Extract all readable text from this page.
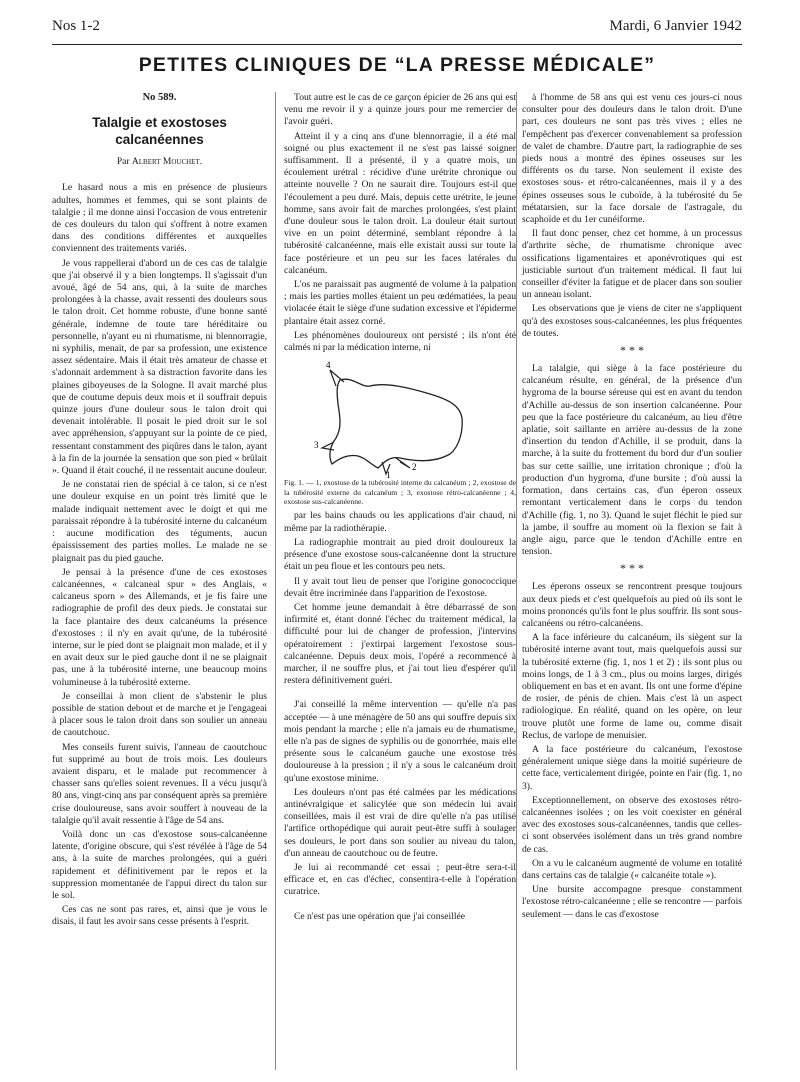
Nos 1-2	Mardi, 6 Janvier 1942
PETITES CLINIQUES DE “LA PRESSE MÉDICALE”
No 589.
Talalgie et exostoses calcanéennes
Par Albert Mouchet.

Le hasard nous a mis en présence de plusieurs adultes, hommes et femmes, qui se sont plaints de talalgie ; il me donne ainsi l'occasion de vous entretenir de ces douleurs du talon qui s'offrent à notre examen dans des conditions différentes et auxquelles conviennent des traitements variés.

Je vous rappellerai d'abord un de ces cas de talalgie que j'ai observé il y a bien longtemps. Il s'agissait d'un avoué, âgé de 54 ans, qui, à la suite de marches prolongées à la chasse, avait ressenti des douleurs sous le talon droit. Cet homme robuste, d'une bonne santé générale, indemne de toute tare héréditaire ou personnelle, n'ayant eu ni rhumatisme, ni blennorragie, ni syphilis, menait, de par sa profession, une existence assez sédentaire. Mais il était très amateur de chasse et s'adonnait ardemment à sa distraction favorite dans les plaines giboyeuses de la Sologne. Il avait marché plus que de coutume depuis deux mois et il souffrait depuis quinze jours d'une douleur sous le talon droit qui devenait intolérable. Il posait le pied droit sur le sol avec appréhension, s'appuyant sur la pointe de ce pied, ressentant constamment des piqûres dans le talon, ayant à la fin de la journée la sensation que son pied « brûlait ». Quand il était couché, il ne ressentait aucune douleur.

Je ne constatai rien de spécial à ce talon, si ce n'est une douleur exquise en un point très limité que le malade indiquait nettement avec le doigt et qui me paraissait répondre à la tubérosité interne du calcanéum : aucune modification des téguments, aucun épaississement des parties molles. Le malade ne se plaignait pas du pied gauche.

Je pensai à la présence d'une de ces exostoses calcanéennes, « calcaneal spur » des Anglais, « calcaneus sporn » des Allemands, et je fis faire une radiographie de profil des deux pieds. Je constatai sur la face plantaire des deux calcanéums la présence d'exostoses : il n'y en avait qu'une, de la tubérosité interne, sur le pied dont se plaignait mon malade, et il y en avait deux sur le pied gauche dont il ne se plaignait pas, une à la tubérosité interne, une beaucoup moins volumineuse à la tubérosité externe.

Je conseillai à mon client de s'abstenir le plus possible de station debout et de marche et je l'engageai à placer sous le talon droit dans son soulier un anneau de caoutchouc.

Mes conseils furent suivis, l'anneau de caoutchouc fut supprimé au bout de trois mois. Les douleurs avaient disparu, et le malade put recommencer à chasser sans qu'elles soient revenues. Il a vécu jusqu'à 80 ans, vingt-cinq ans par conséquent après sa première crise douloureuse, sans avoir souffert à nouveau de la talalgie qu'il avait ressentie à l'âge de 54 ans.

Voilà donc un cas d'exostose sous-calcanéenne latente, d'origine obscure, qui s'est révélée à l'âge de 54 ans, à la suite de marches prolongées, qui a guéri rapidement et définitivement par le repos et la suppression momentanée de l'appui direct du talon sur le sol.

Ces cas ne sont pas rares, et, ainsi que je vous le disais, il faut les avoir sans cesse présents à l'esprit.

Tout autre est le cas de ce garçon épicier de 26 ans qui est venu me revoir il y a quinze jours pour me remercier de l'avoir guéri.

Atteint il y a cinq ans d'une blennorragie, il a été mal soigné ou plus exactement il ne s'est pas laissé soigner suffisamment. Il a présenté, il y a quatre mois, un écoulement urétral : récidive d'une urétrite chronique ou atteinte nouvelle ? On ne saurait dire. Toujours est-il que l'écoulement a peu duré. Mais, depuis cette urétrite, le jeune homme, sans avoir fait de marches prolongées, s'est plaint d'une douleur sous le talon droit. La douleur était surtout vive en un point déterminé, semblant répondre à la tubérosité calcanéenne, mais elle existait aussi sur toute la face postérieure et un peu sur les faces latérales du calcanéum.

L'os ne paraissait pas augmenté de volume à la palpation ; mais les parties molles étaient un peu œdématiées, la peau violacée était le siège d'une sudation excessive et l'épiderme plantaire était assez corné.

Les phénomènes douloureux ont persisté ; ils n'ont été calmés ni par la médication interne, ni

4
3
2
1

Fig. 1. — 1, exostose de la tubérosité interne du calcanéum ; 2, exostose de la tubérosité externe du calcanéum ; 3, exostose rétro-calcanéenne ; 4, exostose sus-calcanéenne.

par les bains chauds ou les applications d'air chaud, ni même par la radiothérapie.

La radiographie montrait au pied droit douloureux la présence d'une exostose sous-calcanéenne dont la structure était un peu floue et les contours peu nets.

Il y avait tout lieu de penser que l'origine gonococcique devait être incriminée dans l'apparition de l'exostose.

Cet homme jeune demandait à être débarrassé de son infirmité et, étant donné l'échec du traitement médical, la difficulté pour lui de changer de profession, j'intervins opératoirement : j'extirpai largement l'exostose sous-calcanéenne. Depuis deux mois, l'opéré a recommencé à marcher, il ne souffre plus, et j'ai tout lieu d'espérer qu'il restera définitivement guéri.

J'ai conseillé la même intervention — qu'elle n'a pas acceptée — à une ménagère de 50 ans qui souffre depuis six mois pendant la marche ; elle n'a jamais eu de rhumatisme, elle n'a pas de signes de syphilis ou de gonorrhée, mais elle présente sous le calcanéum gauche une exostose très douloureuse à la pression ; il n'y a sous le calcanéum droit qu'une exostose minime.

Les douleurs n'ont pas été calmées par les médications antinévralgique et salicylée que son médecin lui avait conseillées, mais il est vrai de dire qu'elle n'a pas utilisé l'artifice orthopédique qui aurait peut-être suffi à soulager ses douleurs, le port dans son soulier au niveau du talon, d'un anneau de caoutchouc ou de feutre.

Je lui ai recommandé cet essai ; peut-être sera-t-il efficace et, en cas d'échec, consentira-t-elle à l'opération curatrice.

Ce n'est pas une opération que j'ai conseillée

à l'homme de 58 ans qui est venu ces jours-ci nous consulter pour des douleurs dans le talon droit. D'une part, ces douleurs ne sont pas très vives ; elles ne l'empêchent pas d'exercer convenablement sa profession de valet de chambre. D'autre part, la radiographie de ses pieds nous a montré des épines osseuses sur les différents os du tarse. Non seulement il existe des exostoses sous- et rétro-calcanéennes, mais il y a des épines osseuses sous le cuboïde, à la tubérosité du 5e métatarsien, sur la face dorsale de l'astragale, du scaphoïde et du 1er cunéiforme.

Il faut donc penser, chez cet homme, à un processus d'arthrite sèche, de rhumatisme chronique avec ossifications ligamentaires et aponévrotiques qui est justiciable surtout d'un traitement médical. Il faut lui conseiller d'éviter la fatigue et de placer dans son soulier un anneau isolant.

Les observations que je viens de citer ne s'appliquent qu'à des exostoses sous-calcanéennes, les plus fréquentes de toutes.

* * *

La talalgie, qui siège à la face postérieure du calcanéum résulte, en général, de la présence d'un hygroma de la bourse séreuse qui est en avant du tendon d'Achille au-dessus de son insertion calcanéenne. Pour peu que la face postérieure du calcanéum, au lieu d'être aplatie, soit saillante en arrière au-dessus de la zone d'insertion du tendon d'Achille, il se produit, dans la marche, à la suite du frottement du bord dur d'un soulier bas sur cette saillie, une irritation chronique ; d'où la production d'un hygroma, d'une bursite ; d'où aussi la formation, dans certains cas, d'un éperon osseux remontant verticalement dans le corps du tendon d'Achille (fig. 1, no 3). Quand le sujet fléchit le pied sur la jambe, il souffre au moment où la flexion se fait à angle aigu, parce que le tendon d'Achille entre en tension.

* * *

Les éperons osseux se rencontrent presque toujours aux deux pieds et c'est quelquefois au pied où ils sont le moins prononcés qu'ils font le plus souffrir. Ils sont sous-calcanéens ou rétro-calcanéens.

A la face inférieure du calcanéum, ils siègent sur la tubérosité interne avant tout, mais quelquefois aussi sur la tubérosité externe (fig. 1, nos 1 et 2) ; ils sont plus ou moins longs, de 1 à 3 cm., plus ou moins larges, dirigés obliquement en bas et en avant. Ils ont une forme d'épine de rosier, de pénis de chien. Mais c'est là un aspect radiologique. En réalité, quand on les opère, on leur trouve plutôt une forme de lame ou, comme disait Reclus, de varlope de menuisier.

A la face postérieure du calcanéum, l'exostose généralement unique siège dans la moitié supérieure de cette face, verticalement dirigée, pointe en l'air (fig. 1, no 3).

Exceptionnellement, on observe des exostoses rétro-calcanéennes isolées ; on les voit coexister en général avec des exostoses sous-calcanéennes, tandis que celles-ci sont observées isolément dans un très grand nombre de cas.

On a vu le calcanéum augmenté de volume en totalité dans certains cas de talalgie (« calcanéite totale »).

Une bursite accompagne presque constamment l'exostose rétro-calcanéenne ; elle se rencontre — parfois seulement — dans le cas d'exostose
